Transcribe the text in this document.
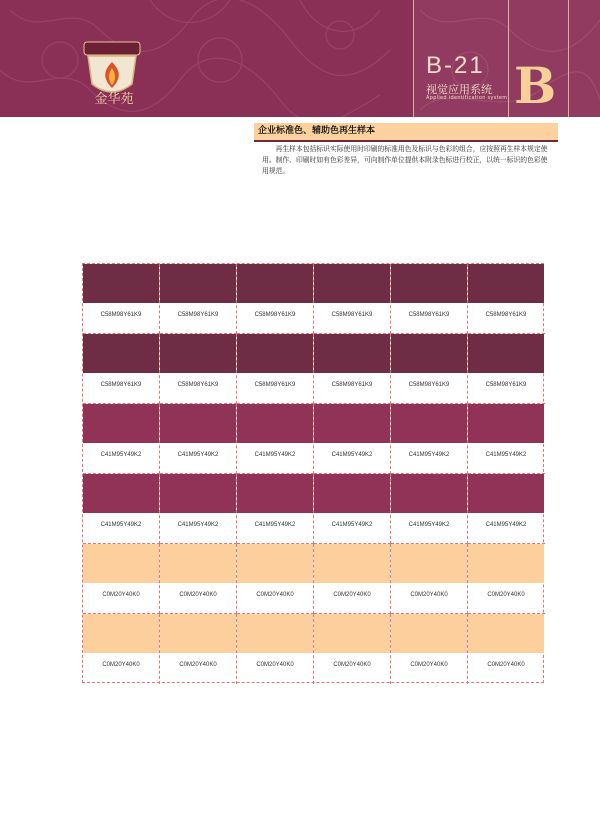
金华苑
B-21
视觉应用系统
Applied identification system B
企业标准色、辅助色再生样本
再生样本包括标识实际使用时印刷的标准用色及标识与色彩的组合，应按照再生样本规定使用。制作、印刷时如有色彩差异，可向制作单位提供本附录色标进行校正，以统一标识的色彩使用规范。
C58M98Y61K9	C58M98Y61K9	C58M98Y61K9	C58M98Y61K9	C58M98Y61K9	C58M98Y61K9
C58M98Y61K9	C58M98Y61K9	C58M98Y61K9	C58M98Y61K9	C58M98Y61K9	C58M98Y61K9
C41M95Y49K2	C41M95Y49K2	C41M95Y49K2	C41M95Y49K2	C41M95Y49K2	C41M95Y49K2
C41M95Y49K2	C41M95Y49K2	C41M95Y49K2	C41M95Y49K2	C41M95Y49K2	C41M95Y49K2
C0M20Y40K0	C0M20Y40K0	C0M20Y40K0	C0M20Y40K0	C0M20Y40K0	C0M20Y40K0
C0M20Y40K0	C0M20Y40K0	C0M20Y40K0	C0M20Y40K0	C0M20Y40K0	C0M20Y40K0
